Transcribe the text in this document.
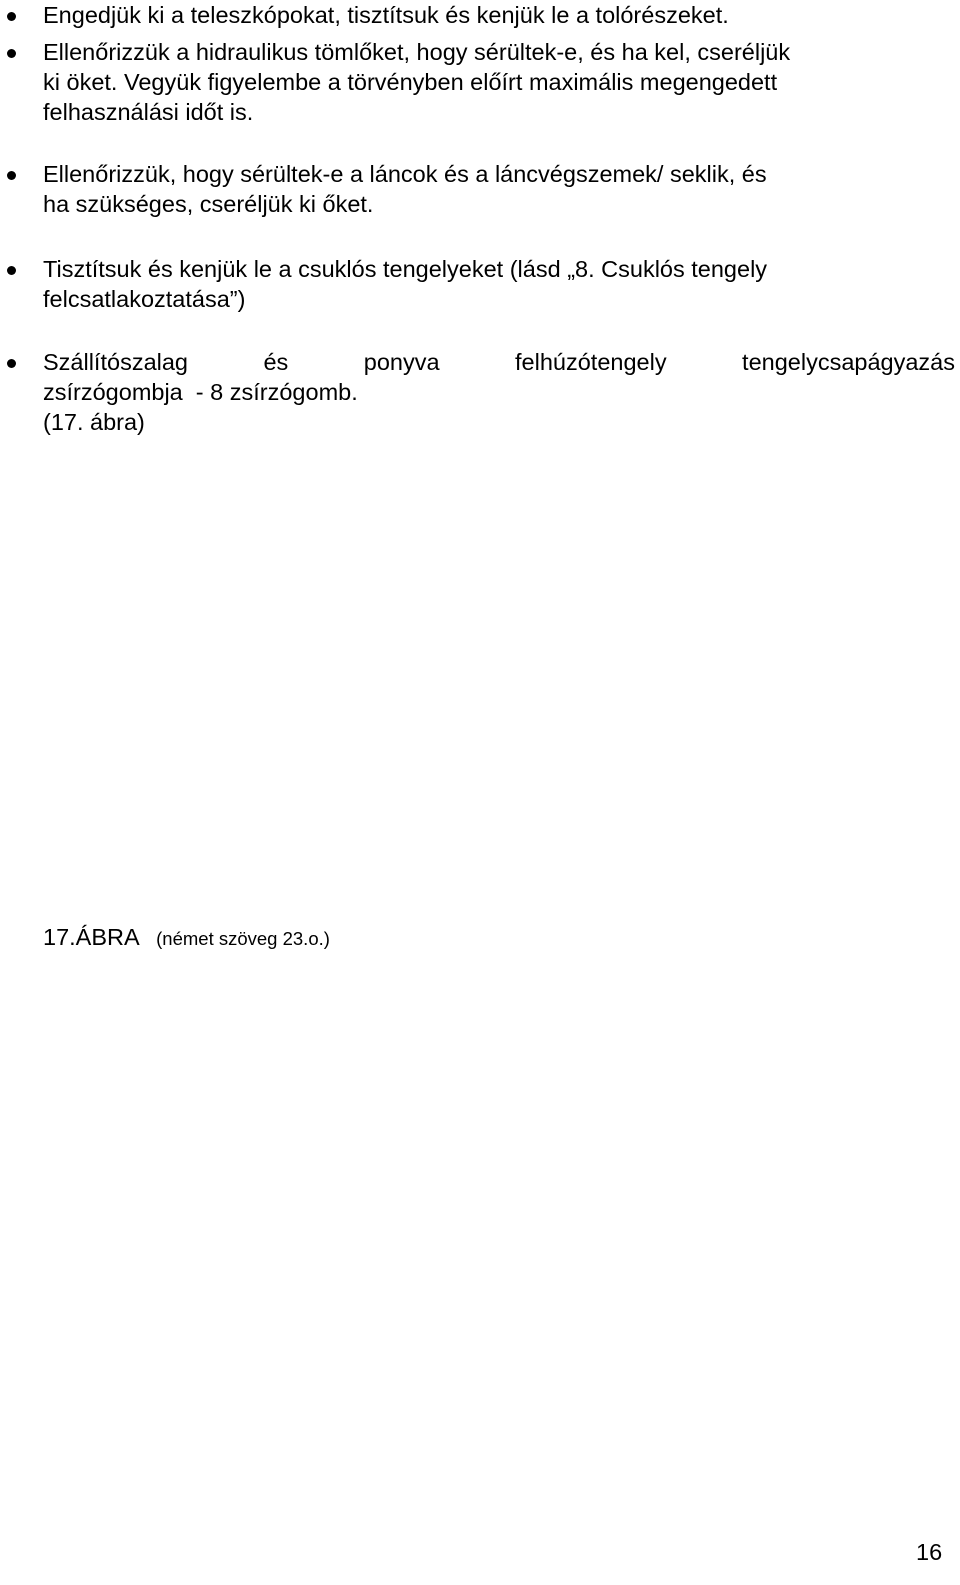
Engedjük ki a teleszkópokat, tisztítsuk és kenjük le a tolórészeket.
Ellenőrizzük a hidraulikus tömlőket, hogy sérültek-e, és ha kel, cseréljük
ki öket. Vegyük figyelembe a törvényben előírt maximális megengedett
felhasználási időt is.
Ellenőrizzük, hogy sérültek-e a láncok és a láncvégszemek/ seklik, és
ha szükséges, cseréljük ki őket.
Tisztítsuk és kenjük le a csuklós tengelyeket (lásd „8. Csuklós tengely
felcsatlakoztatása”)
Szállítószalag	és	ponyva	felhúzótengely	tengelycsapágyazás
zsírzógombja  - 8 zsírzógomb.
(17. ábra)
17.ÁBRA (német szöveg 23.o.)
16
